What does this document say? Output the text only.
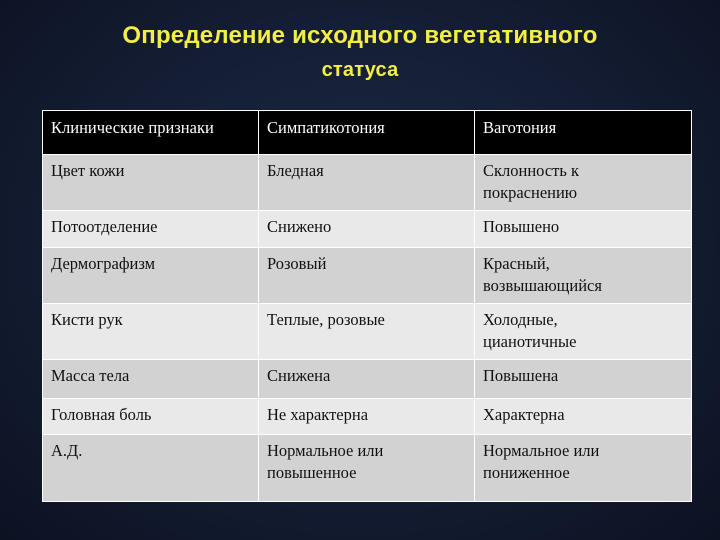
Определение исходного вегетативного
статуса
Клинические признаки	Симпатикотония	Ваготония
Цвет кожи	Бледная	Склонность к покраснению
Потоотделение	Снижено	Повышено
Дермографизм	Розовый	Красный, возвышающийся
Кисти рук	Теплые, розовые	Холодные, цианотичные
Масса тела	Снижена	Повышена
Головная боль	Не характерна	Характерна
А.Д.	Нормальное или повышенное	Нормальное или пониженное
